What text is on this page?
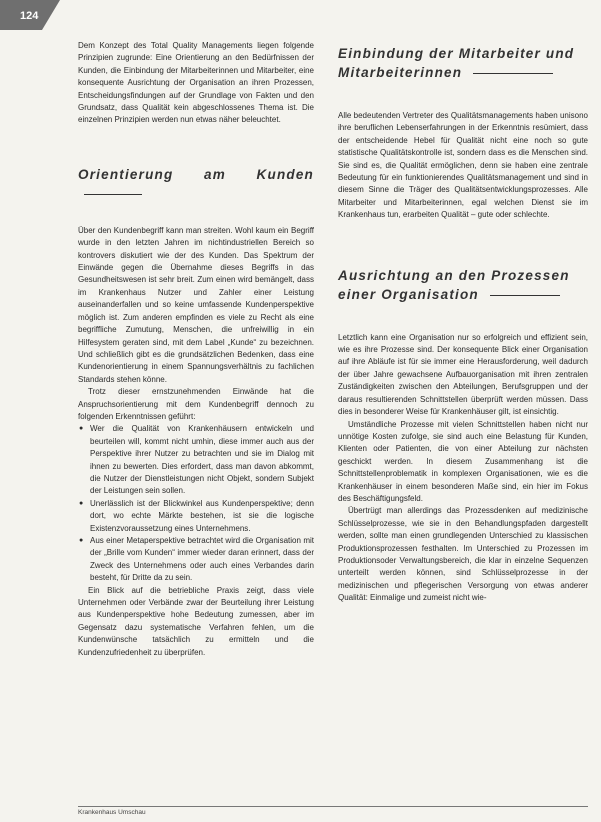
124

Dem Konzept des Total Quality Managements liegen folgende Prinzipien zugrunde: Eine Orientierung an den Bedürfnissen der Kunden, die Einbindung der Mitarbeiterinnen und Mitarbeiter, eine konsequente Ausrichtung der Organisation an ihren Prozessen, Entscheidungsfindungen auf der Grundlage von Fakten und den Grundsatz, dass Qualität kein abgeschlossenes Thema ist. Die einzelnen Prinzipien werden nun etwas näher beleuchtet.

Orientierung am Kunden

Über den Kundenbegriff kann man streiten. Wohl kaum ein Begriff wurde in den letzten Jahren im nichtindustriellen Bereich so kontrovers diskutiert wie der des Kunden. Das Spektrum der Einwände gegen die Übernahme dieses Begriffs in das Gesundheitswesen ist sehr breit. Zum einen wird bemängelt, dass im Krankenhaus Nutzer und Zahler einer Leistung auseinanderfallen und so keine umfassende Kundenperspektive möglich ist. Zum anderen empfinden es viele zu Recht als eine begriffliche Zumutung, Menschen, die unfreiwillig in ein Hilfesystem geraten sind, mit dem Label „Kunde“ zu bezeichnen. Und schließlich gibt es die grundsätzlichen Bedenken, dass eine Kundenorientierung in einem Spannungsverhältnis zu fachlichen Standards stehen könne.

Trotz dieser ernstzunehmenden Einwände hat die Anspruchsorientierung mit dem Kundenbegriff dennoch zu folgenden Erkenntnissen geführt:

● Wer die Qualität von Krankenhäusern entwickeln und beurteilen will, kommt nicht umhin, diese immer auch aus der Perspektive ihrer Nutzer zu betrachten und sie im Dialog mit ihnen zu bewerten. Dies erfordert, dass man davon abkommt, die Nutzer der Dienstleistungen nicht Objekt, sondern Subjekt der Leistungen sein sollen.
● Unerlässlich ist der Blickwinkel aus Kundenperspektive; denn dort, wo echte Märkte bestehen, ist sie die logische Existenzvoraussetzung eines Unternehmens.
● Aus einer Metaperspektive betrachtet wird die Organisation mit der „Brille vom Kunden“ immer wieder daran erinnert, dass der Zweck des Unternehmens oder auch eines Verbandes darin besteht, für Dritte da zu sein.

Ein Blick auf die betriebliche Praxis zeigt, dass viele Unternehmen oder Verbände zwar der Beurteilung ihrer Leistung aus Kundenperspektive hohe Bedeutung zumessen, aber im Gegensatz dazu systematische Verfahren fehlen, um die Kundenwünsche tatsächlich zu ermitteln und die Kundenzufriedenheit zu überprüfen.

Einbindung der Mitarbeiter und
Mitarbeiterinnen

Alle bedeutenden Vertreter des Qualitätsmanagements haben unisono ihre beruflichen Lebenserfahrungen in der Erkenntnis resümiert, dass der entscheidende Hebel für Qualität nicht eine noch so gute statistische Qualitätskontrolle ist, sondern dass es die Menschen sind. Sie sind es, die Qualität ermöglichen, denn sie haben eine zentrale Bedeutung für ein funktionierendes Qualitätsmanagement und sind in diesem Sinne die Träger des Qualitätsentwicklungsprozesses. Alle Mitarbeiter und Mitarbeiterinnen, egal welchen Dienst sie im Krankenhaus tun, erarbeiten Qualität – gute oder schlechte.

Ausrichtung an den Prozessen
einer Organisation

Letztlich kann eine Organisation nur so erfolgreich und effizient sein, wie es ihre Prozesse sind. Der konsequente Blick einer Organisation auf ihre Abläufe ist für sie immer eine Herausforderung, weil dadurch der über Jahre gewachsene Aufbauorganisation mit ihren zentralen Zuständigkeiten zwischen den Abteilungen, Berufsgruppen und der daraus resultierenden Schnittstellen überprüft werden müssen. Dass dies in besonderer Weise für Krankenhäuser gilt, ist einsichtig.

Umständliche Prozesse mit vielen Schnittstellen haben nicht nur unnötige Kosten zufolge, sie sind auch eine Belastung für Kunden, Klienten oder Patienten, die von einer Abteilung zur nächsten geschickt werden. In diesem Zusammenhang ist die Schnittstellenproblematik in komplexen Organisationen, wie es die Krankenhäuser in einem besonderen Maße sind, ein hier im Fokus des Beschäftigungsfeld.

Übertrügt man allerdings das Prozessdenken auf medizinische Schlüsselprozesse, wie sie in den Behandlungspfaden dargestellt werden, sollte man einen grundlegenden Unterschied zu klassischen Produktionsprozessen festhalten. Im Unterschied zu Prozessen im Produktionsoder Verwaltungsbereich, die klar in einzelne Sequenzen unterteilt werden können, sind Schlüsselprozesse in der medizinischen und pflegerischen Versorgung von etwas anderer Qualität: Einmalige und zumeist nicht wie-

Krankenhaus Umschau
